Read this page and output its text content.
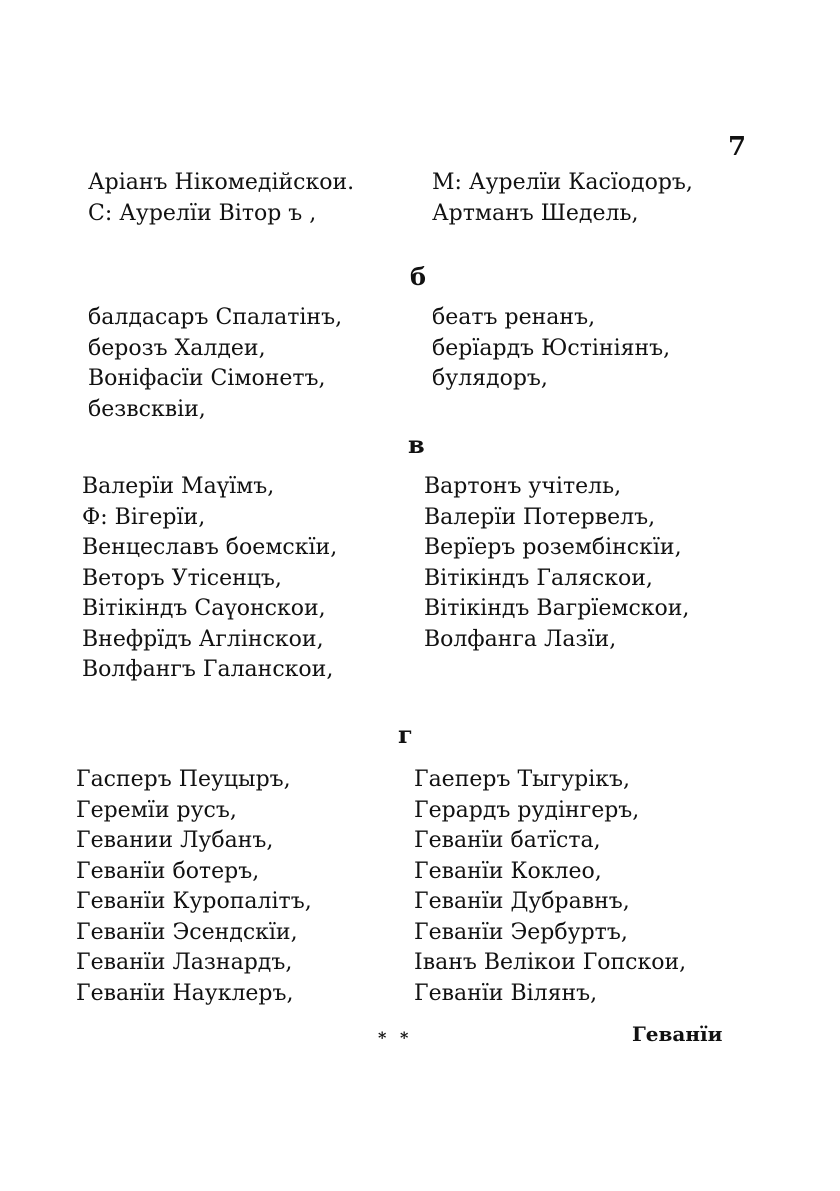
7
Аріанъ Нікомедійскои.
С: Аурелїи Вітор ъ ,
М: Аурелїи Касїодоръ,
Артманъ Шедель,
б
балдасаръ Спалатінъ,
берозъ Халдеи,
Воніфасїи Сімонетъ,
безвсквіи,
беатъ ренанъ,
берїардъ Юстініянъ,
булядоръ,
в
Валерїи Маүїмъ,
Ф: Вігерїи,
Венцеславъ боемскїи,
Веторъ Утісенцъ,
Вітікіндъ Саүонскои,
Внефрїдъ Аглінскои,
Волфангъ Галанскои,
Вартонъ учітель,
Валерїи Потервелъ,
Верїеръ розембінскїи,
Вітікіндъ Галяскои,
Вітікіндъ Вагрїемскои,
Волфанга Лазїи,
г
Гасперъ Пеуцыръ,
Геремїи русъ,
Гевании Лубанъ,
Геванїи ботеръ,
Геванїи Куропалітъ,
Геванїи Эсендскїи,
Геванїи Лазнардъ,
Геванїи Науклеръ,
Гаеперъ Тыгурікъ,
Герардъ рудінгеръ,
Геванїи батїста,
Геванїи Коклео,
Геванїи Дубравнъ,
Геванїи Эербуртъ,
Іванъ Велікои Гопскои,
Геванїи Вілянъ,
* *	Геванїи
